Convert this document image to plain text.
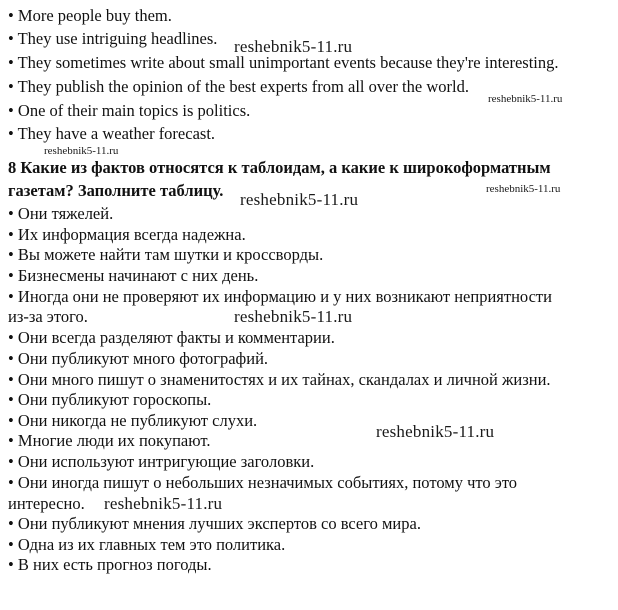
• More people buy them.
• They use intriguing headlines.
• They sometimes write about small unimportant events because they're interesting.
• They publish the opinion of the best experts from all over the world.
• One of their main topics is politics.
• They have a weather forecast.
8 Какие из фактов относятся к таблоидам, а какие к широкоформатным
газетам? Заполните таблицу.
• Они тяжелей.
• Их информация всегда надежна.
• Вы можете найти там шутки и кроссворды.
• Бизнесмены начинают с них день.
• Иногда они не проверяют их информацию и у них возникают неприятности
из-за этого.
• Они всегда разделяют факты и комментарии.
• Они публикуют много фотографий.
• Они много пишут о знаменитостях и их тайнах, скандалах и личной жизни.
• Они публикуют гороскопы.
• Они никогда не публикуют слухи.
• Многие люди их покупают.
• Они используют интригующие заголовки.
• Они иногда пишут о небольших незначимых событиях, потому что это
интересно.
• Они публикуют мнения лучших экспертов со всего мира.
• Одна из их главных тем это политика.
• В них есть прогноз погоды.
reshebnik5-11.ru
reshebnik5-11.ru
reshebnik5-11.ru
reshebnik5-11.ru
reshebnik5-11.ru
reshebnik5-11.ru
reshebnik5-11.ru
reshebnik5-11.ru
